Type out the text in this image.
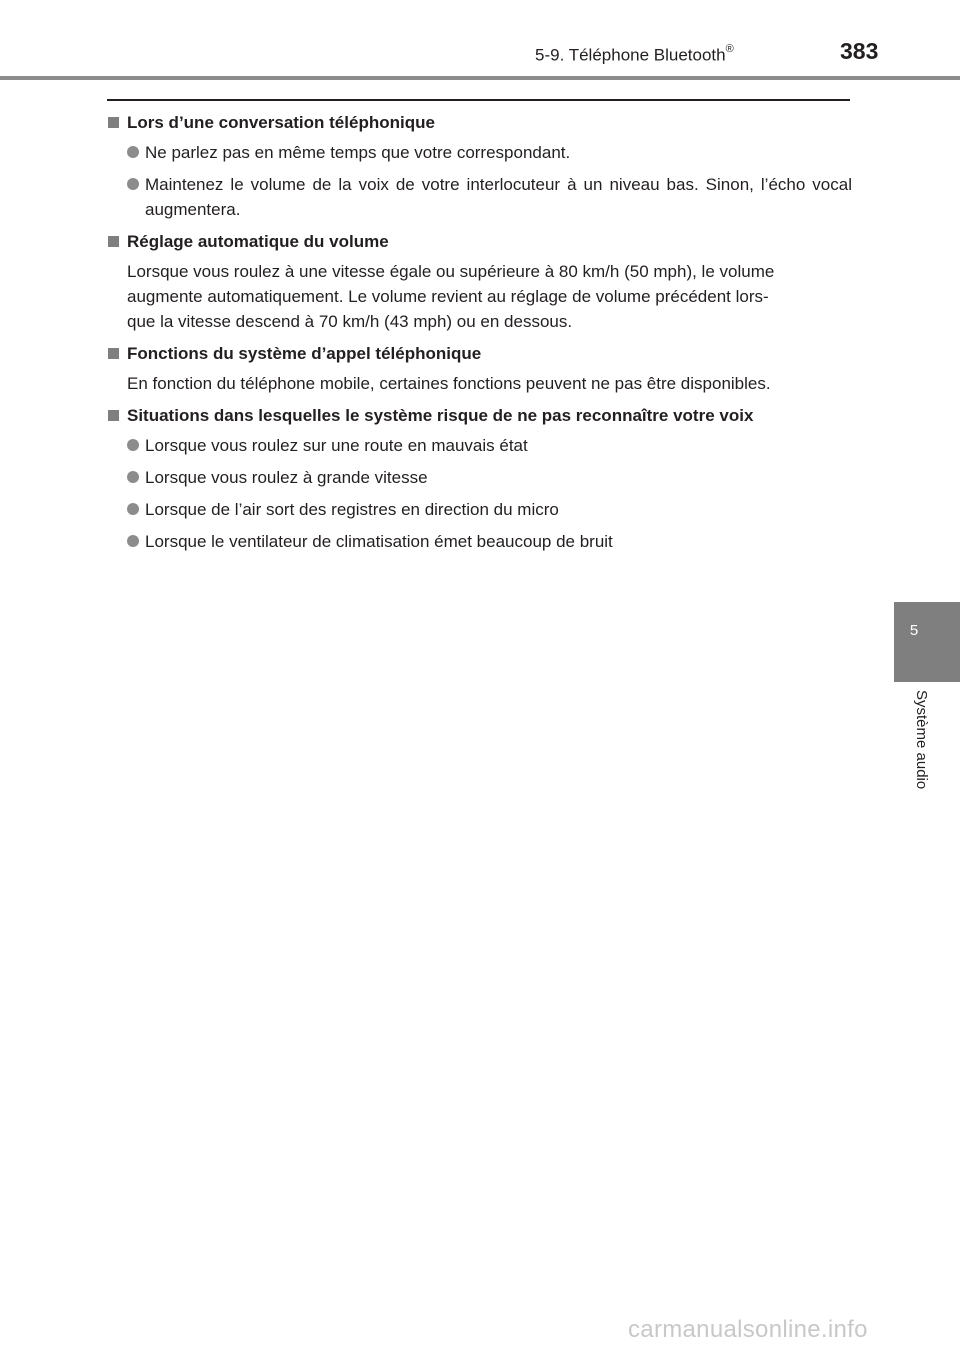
5-9. Téléphone Bluetooth®	383
Lors d’une conversation téléphonique
Ne parlez pas en même temps que votre correspondant.
Maintenez le volume de la voix de votre interlocuteur à un niveau bas. Sinon, l’écho vocal augmentera.
Réglage automatique du volume
Lorsque vous roulez à une vitesse égale ou supérieure à 80 km/h (50 mph), le volume
augmente automatiquement. Le volume revient au réglage de volume précédent lors-
que la vitesse descend à 70 km/h (43 mph) ou en dessous.
Fonctions du système d’appel téléphonique
En fonction du téléphone mobile, certaines fonctions peuvent ne pas être disponibles.
Situations dans lesquelles le système risque de ne pas reconnaître votre voix
Lorsque vous roulez sur une route en mauvais état
Lorsque vous roulez à grande vitesse
Lorsque de l’air sort des registres en direction du micro
Lorsque le ventilateur de climatisation émet beaucoup de bruit
5
Système audio
carmanualsonline.info
